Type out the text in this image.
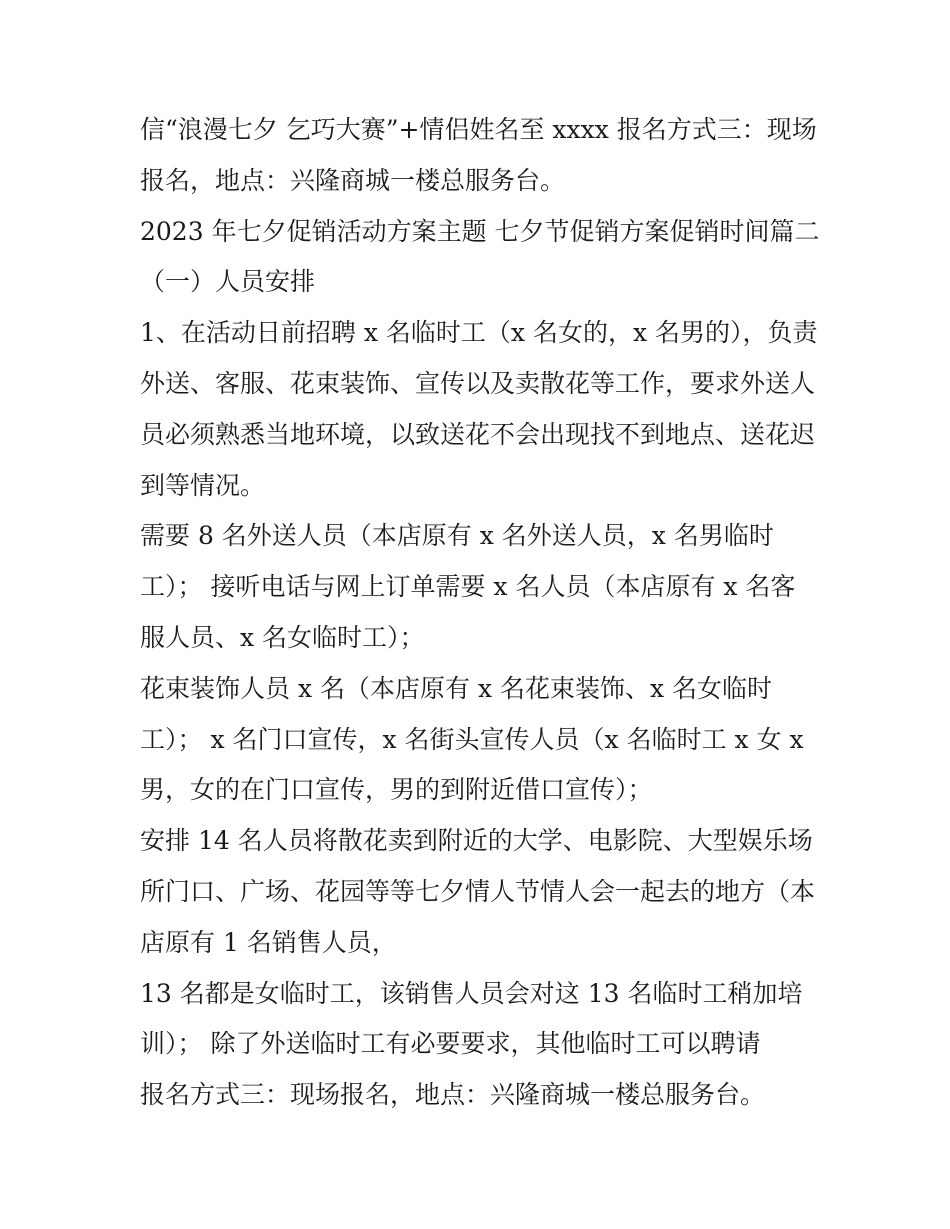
信“浪漫七夕 乞巧大赛”+情侣姓名至 xxxx 报名方式三：现场

报名，地点：兴隆商城一楼总服务台。

2023 年七夕促销活动方案主题 七夕节促销方案促销时间篇二

（一）人员安排

1、在活动日前招聘 x 名临时工（x 名女的，x 名男的），负责

外送、客服、花束装饰、宣传以及卖散花等工作，要求外送人

员必须熟悉当地环境，以致送花不会出现找不到地点、送花迟

到等情况。

需要 8 名外送人员（本店原有 x 名外送人员，x 名男临时

工）； 接听电话与网上订单需要 x 名人员（本店原有 x 名客

服人员、x 名女临时工）；

花束装饰人员 x 名（本店原有 x 名花束装饰、x 名女临时

工）； x 名门口宣传，x 名街头宣传人员（x 名临时工 x 女 x

男，女的在门口宣传，男的到附近借口宣传）；

安排 14 名人员将散花卖到附近的大学、电影院、大型娱乐场

所门口、广场、花园等等七夕情人节情人会一起去的地方（本

店原有 1 名销售人员，

13 名都是女临时工，该销售人员会对这 13 名临时工稍加培

训）； 除了外送临时工有必要要求，其他临时工可以聘请

报名方式三：现场报名，地点：兴隆商城一楼总服务台。
